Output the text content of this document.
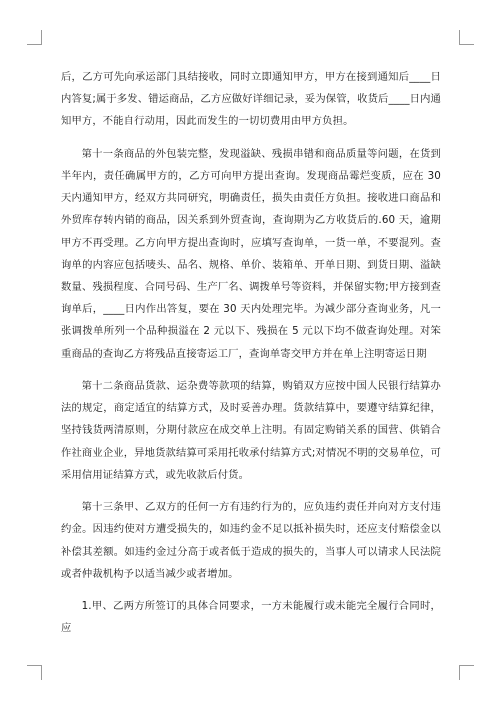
后，乙方可先向承运部门具结接收，同时立即通知甲方，甲方在接到通知后____日内答复;属于多发、错运商品，乙方应做好详细记录，妥为保管，收货后____日内通知甲方，不能自行动用，因此而发生的一切切费用由甲方负担。

第十一条商品的外包装完整，发现溢缺、残损串错和商品质量等问题，在货到半年内，责任确属甲方的，乙方可向甲方提出查询。发现商品霉烂变质，应在 30 天内通知甲方，经双方共同研究，明确责任，损失由责任方负担。接收进口商品和外贸库存转内销的商品，因关系到外贸查询，查询期为乙方收货后的.60 天，逾期甲方不再受理。乙方向甲方提出查询时，应填写查询单，一货一单，不要混列。查询单的内容应包括唛头、品名、规格、单价、装箱单、开单日期、到货日期、溢缺数量、残损程度、合同号码、生产厂名、调拨单号等资料，并保留实物;甲方接到查询单后，____日内作出答复，要在 30 天内处理完毕。为减少部分查询业务，凡一张调拨单所列一个品种损溢在 2 元以下、残损在 5 元以下均不做查询处理。对笨重商品的查询乙方将残品直接寄运工厂，查询单寄交甲方并在单上注明寄运日期

第十二条商品货款、运杂费等款项的结算，购销双方应按中国人民银行结算办法的规定，商定适宜的结算方式，及时妥善办理。货款结算中，要遵守结算纪律，坚持钱货两清原则，分期付款应在成交单上注明。有固定购销关系的国营、供销合作社商业企业，异地货款结算可采用托收承付结算方式;对情况不明的交易单位，可采用信用证结算方式，或先收款后付货。

第十三条甲、乙双方的任何一方有违约行为的，应负违约责任并向对方支付违约金。因违约使对方遭受损失的，如违约金不足以抵补损失时，还应支付赔偿金以补偿其差额。如违约金过分高于或者低于造成的损失的，当事人可以请求人民法院或者仲裁机构予以适当减少或者增加。

1.甲、乙两方所签订的具体合同要求，一方未能履行或未能完全履行合同时，应
